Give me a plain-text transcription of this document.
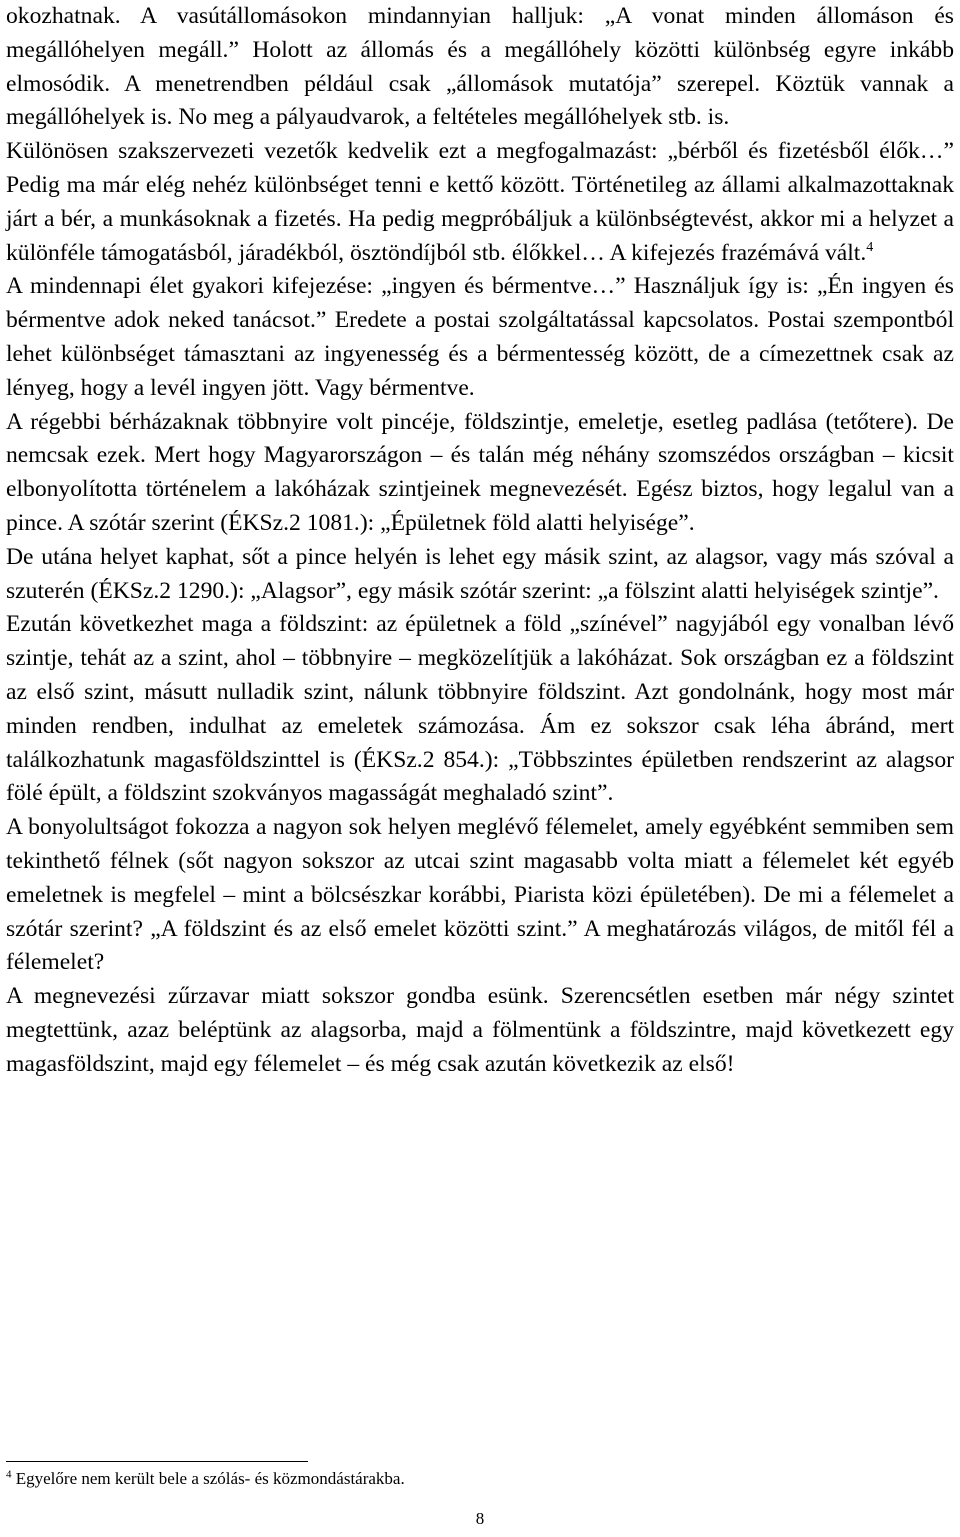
okozhatnak. A vasútállomásokon mindannyian halljuk: „A vonat minden állomáson és megállóhelyen megáll.” Holott az állomás és a megállóhely közötti különbség egyre inkább elmosódik. A menetrendben például csak „állomások mutatója” szerepel. Köztük vannak a megállóhelyek is. No meg a pályaudvarok, a feltételes megállóhelyek stb. is.

Különösen szakszervezeti vezetők kedvelik ezt a megfogalmazást: „bérből és fizetésből élők…” Pedig ma már elég nehéz különbséget tenni e kettő között. Történetileg az állami alkalmazottaknak járt a bér, a munkásoknak a fizetés. Ha pedig megpróbáljuk a különbségtevést, akkor mi a helyzet a különféle támogatásból, járadékból, ösztöndíjból stb. élőkkel… A kifejezés frazémává vált.$^4$

A mindennapi élet gyakori kifejezése: „ingyen és bérmentve…” Használjuk így is: „Én ingyen és bérmentve adok neked tanácsot.” Eredete a postai szolgáltatással kapcsolatos. Postai szempontból lehet különbséget támasztani az ingyenesség és a bérmentesség között, de a címezettnek csak az lényeg, hogy a levél ingyen jött. Vagy bérmentve.

A régebbi bérházaknak többnyire volt pincéje, földszintje, emeletje, esetleg padlása (tetőtere). De nemcsak ezek. Mert hogy Magyarországon – és talán még néhány szomszédos országban – kicsit elbonyolította történelem a lakóházak szintjeinek megnevezését. Egész biztos, hogy legalul van a pince. A szótár szerint (ÉKSz.2 1081.): „Épületnek föld alatti helyisége”.

De utána helyet kaphat, sőt a pince helyén is lehet egy másik szint, az alagsor, vagy más szóval a szuterén (ÉKSz.2 1290.): „Alagsor”, egy másik szótár szerint: „a fölszint alatti helyiségek szintje”.

Ezután következhet maga a földszint: az épületnek a föld „színével” nagyjából egy vonalban lévő szintje, tehát az a szint, ahol – többnyire – megközelítjük a lakóházat. Sok országban ez a földszint az első szint, másutt nulladik szint, nálunk többnyire földszint. Azt gondolnánk, hogy most már minden rendben, indulhat az emeletek számozása. Ám ez sokszor csak léha ábránd, mert találkozhatunk magasföldszinttel is (ÉKSz.2 854.): „Többszintes épületben rendszerint az alagsor fölé épült, a földszint szokványos magasságát meghaladó szint”.

A bonyolultságot fokozza a nagyon sok helyen meglévő félemelet, amely egyébként semmiben sem tekinthető félnek (sőt nagyon sokszor az utcai szint magasabb volta miatt a félemelet két egyéb emeletnek is megfelel – mint a bölcsészkar korábbi, Piarista közi épületében). De mi a félemelet a szótár szerint? „A földszint és az első emelet közötti szint.” A meghatározás világos, de mitől fél a félemelet?

A megnevezési zűrzavar miatt sokszor gondba esünk. Szerencsétlen esetben már négy szintet megtettünk, azaz beléptünk az alagsorba, majd a fölmentünk a földszintre, majd következett egy magasföldszint, majd egy félemelet – és még csak azután következik az első!

$^4$ Egyelőre nem került bele a szólás- és közmondástárakba.

8
